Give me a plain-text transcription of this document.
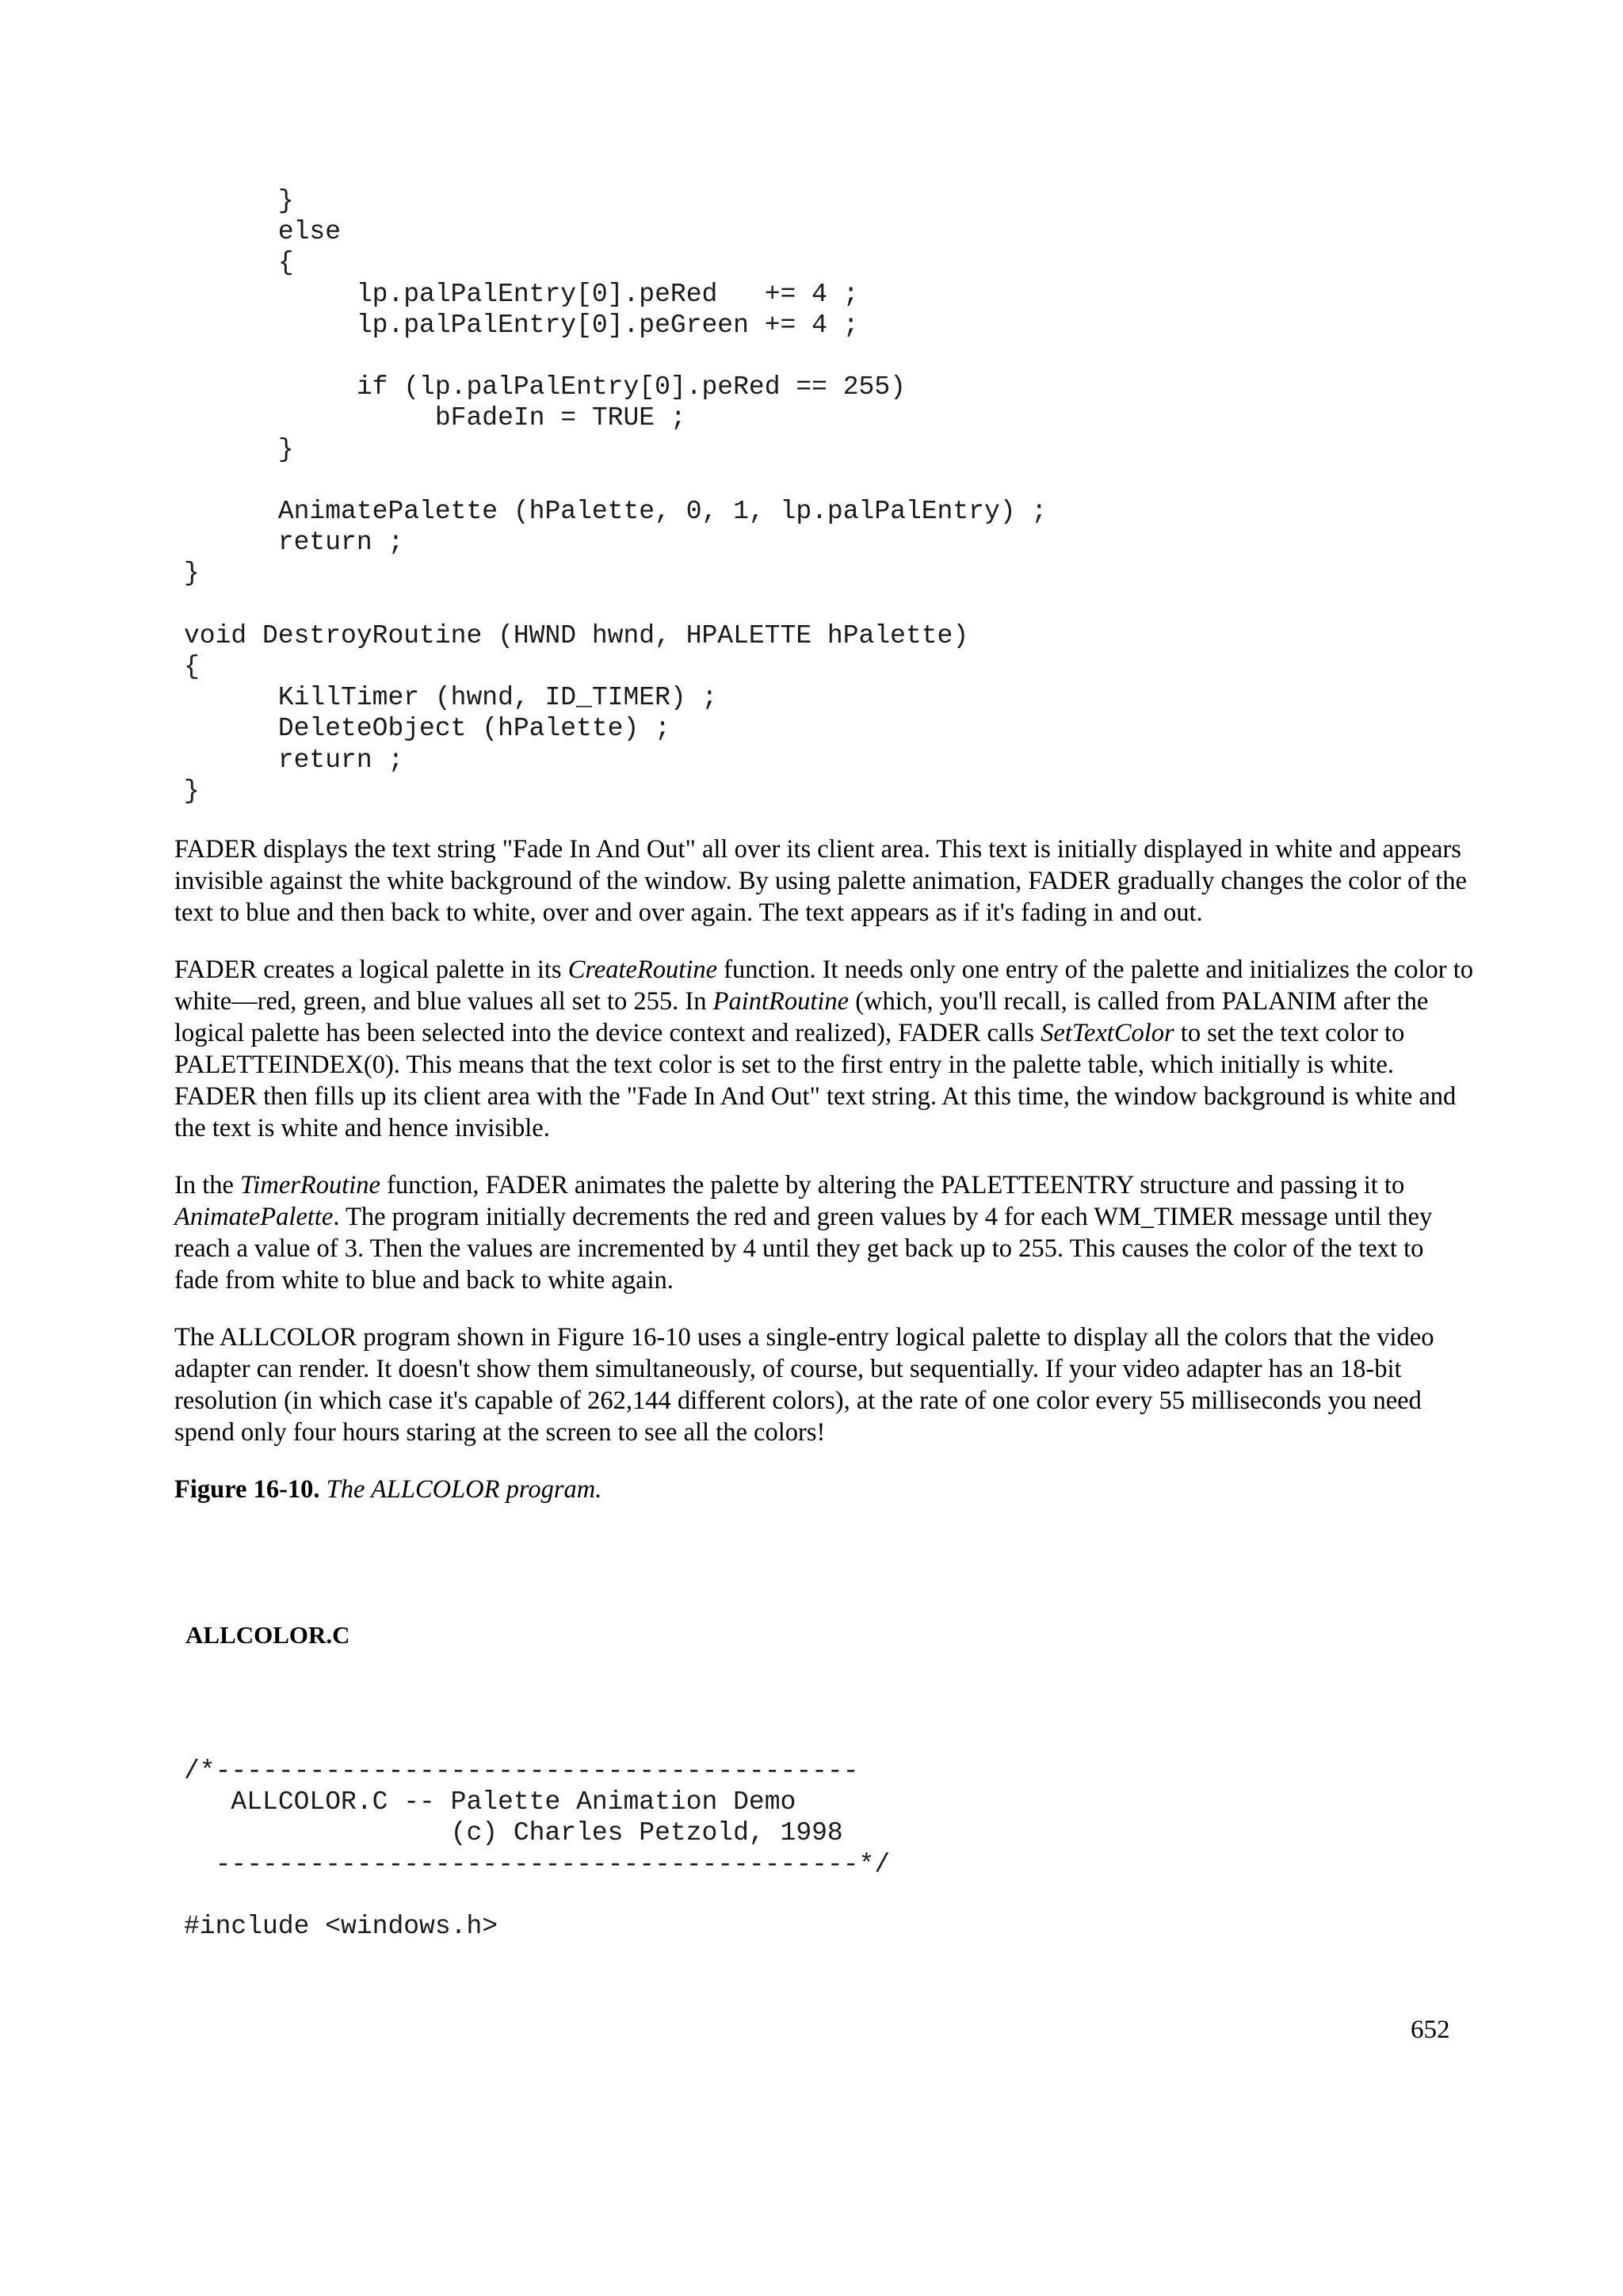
}
else
{
lp.palPalEntry[0].peRed   += 4 ;
lp.palPalEntry[0].peGreen += 4 ;

if (lp.palPalEntry[0].peRed == 255)
bFadeIn = TRUE ;
}

AnimatePalette (hPalette, 0, 1, lp.palPalEntry) ;
return ;
}

void DestroyRoutine (HWND hwnd, HPALETTE hPalette)
{
KillTimer (hwnd, ID_TIMER) ;
DeleteObject (hPalette) ;
return ;
}

FADER displays the text string "Fade In And Out" all over its client area. This text is initially displayed in white and appears invisible against the white background of the window. By using palette animation, FADER gradually changes the color of the text to blue and then back to white, over and over again. The text appears as if it's fading in and out.

FADER creates a logical palette in its CreateRoutine function. It needs only one entry of the palette and initializes the color to white—red, green, and blue values all set to 255. In PaintRoutine (which, you'll recall, is called from PALANIM after the logical palette has been selected into the device context and realized), FADER calls SetTextColor to set the text color to PALETTEINDEX(0). This means that the text color is set to the first entry in the palette table, which initially is white. FADER then fills up its client area with the "Fade In And Out" text string. At this time, the window background is white and the text is white and hence invisible.

In the TimerRoutine function, FADER animates the palette by altering the PALETTEENTRY structure and passing it to AnimatePalette. The program initially decrements the red and green values by 4 for each WM_TIMER message until they reach a value of 3. Then the values are incremented by 4 until they get back up to 255. This causes the color of the text to fade from white to blue and back to white again.

The ALLCOLOR program shown in Figure 16-10 uses a single-entry logical palette to display all the colors that the video adapter can render. It doesn't show them simultaneously, of course, but sequentially. If your video adapter has an 18-bit resolution (in which case it's capable of 262,144 different colors), at the rate of one color every 55 milliseconds you need spend only four hours staring at the screen to see all the colors!

Figure 16-10. The ALLCOLOR program.

ALLCOLOR.C
/*-----------------------------------------
ALLCOLOR.C -- Palette Animation Demo
(c) Charles Petzold, 1998
-----------------------------------------*/

#include <windows.h>
652
